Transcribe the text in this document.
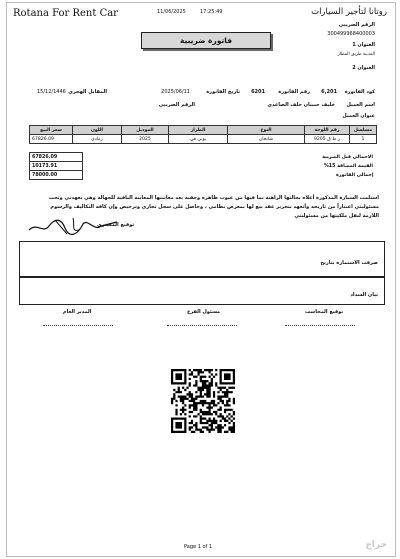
Rotana For Rent Car	11/06/2025	17:25:49	روتانا لتأجير السيارات
الرقم الضريبي
300499968400003
العنوان 1
المدينة طريق المطار
العنوان 2
فاتورة ضريبية
كود الفاتورة
6,201
رقم الفاتورة
6201
تاريخ الفاتورة
2025/06/11
المقابل الهجري
15/12/1446
اسم العميل
خليف حبيبان خلف الصاعدي
الرقم الضريبي
عنوان العميل
مسلسل	رقم اللوحة	النوع	الطراز	الموديل	اللون	سعر البيع
1	ر ط ق 9205	شانجان	يوني في	2025	رمادي	67826.09
67826.09	الاجمالي قبل الضريبة
10173.91	القيمة المضافة 15%
78000.00	إجمالي الفاتورة
استلمت السيارة المذكورة أعلاه بحالتها الراهنة بما فيها من عيوب ظاهرة وخفية بعد معاينتها المعاينة النافية للجهالة وهي بعهدتي وتحت
مسئوليتي اعتباراً من تاريخه وأتعهد بتحرير عقد بيع لها بمعرض نظامي ، وحاصل على سجل تجاري وترخيص وإن كافة التكاليف والرسوم
اللازمة لنقل ملكيتها من مسئوليتي
توقيع المشتري
صرفت الاستمارة بتاريخ
بيان السداد
توقيع المحاسب
مسئول الفرع
المدير العام
Page 1 of 1	حراج
